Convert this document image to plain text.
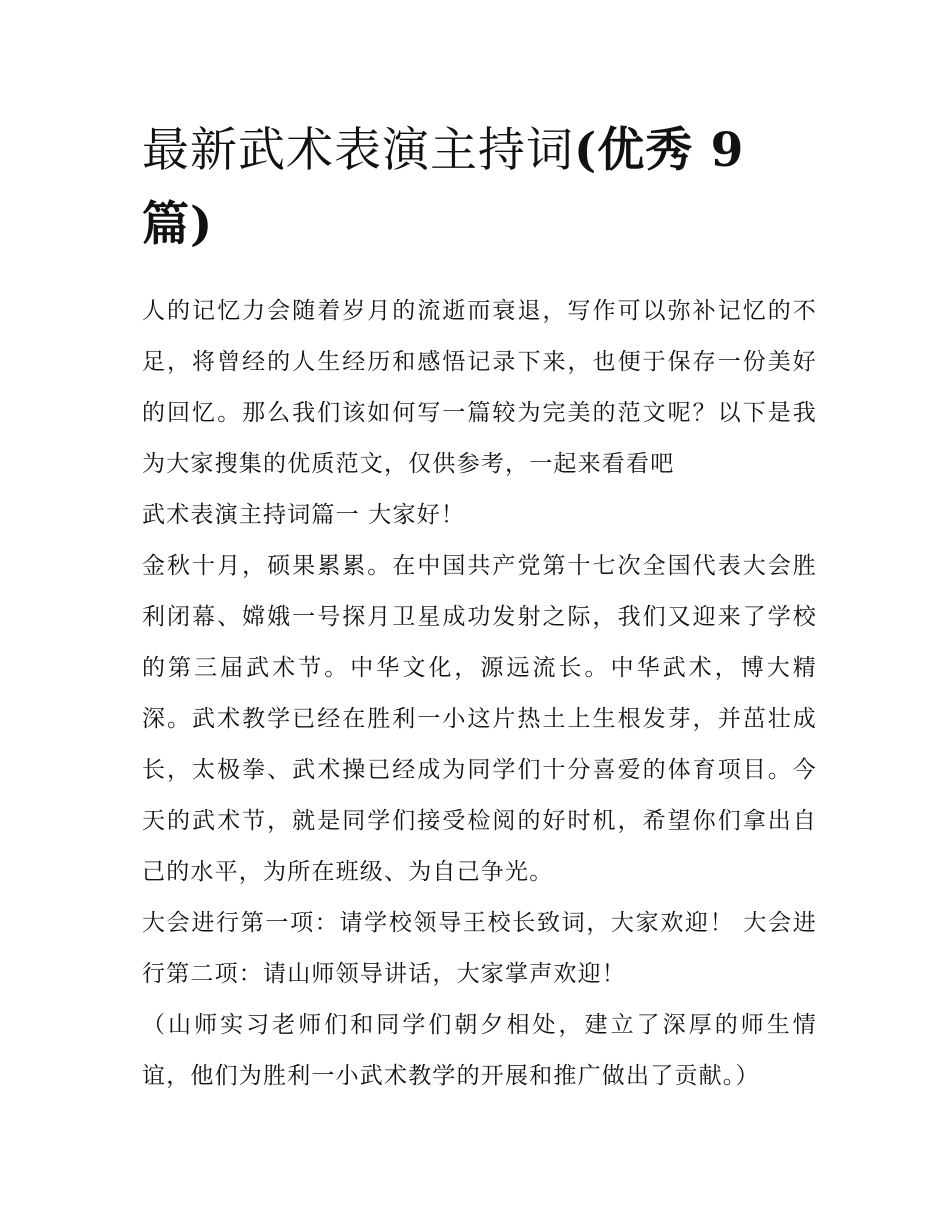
最新武术表演主持词(优秀 9 篇)

人的记忆力会随着岁月的流逝而衰退，写作可以弥补记忆的不足，将曾经的人生经历和感悟记录下来，也便于保存一份美好的回忆。那么我们该如何写一篇较为完美的范文呢？以下是我为大家搜集的优质范文，仅供参考，一起来看看吧

武术表演主持词篇一 大家好！

金秋十月，硕果累累。在中国共产党第十七次全国代表大会胜利闭幕、嫦娥一号探月卫星成功发射之际，我们又迎来了学校的第三届武术节。中华文化，源远流长。中华武术，博大精深。武术教学已经在胜利一小这片热土上生根发芽，并茁壮成长，太极拳、武术操已经成为同学们十分喜爱的体育项目。今天的武术节，就是同学们接受检阅的好时机，希望你们拿出自己的水平，为所在班级、为自己争光。

大会进行第一项：请学校领导王校长致词，大家欢迎！ 大会进行第二项：请山师领导讲话，大家掌声欢迎！

（山师实习老师们和同学们朝夕相处，建立了深厚的师生情谊，他们为胜利一小武术教学的开展和推广做出了贡献。）
